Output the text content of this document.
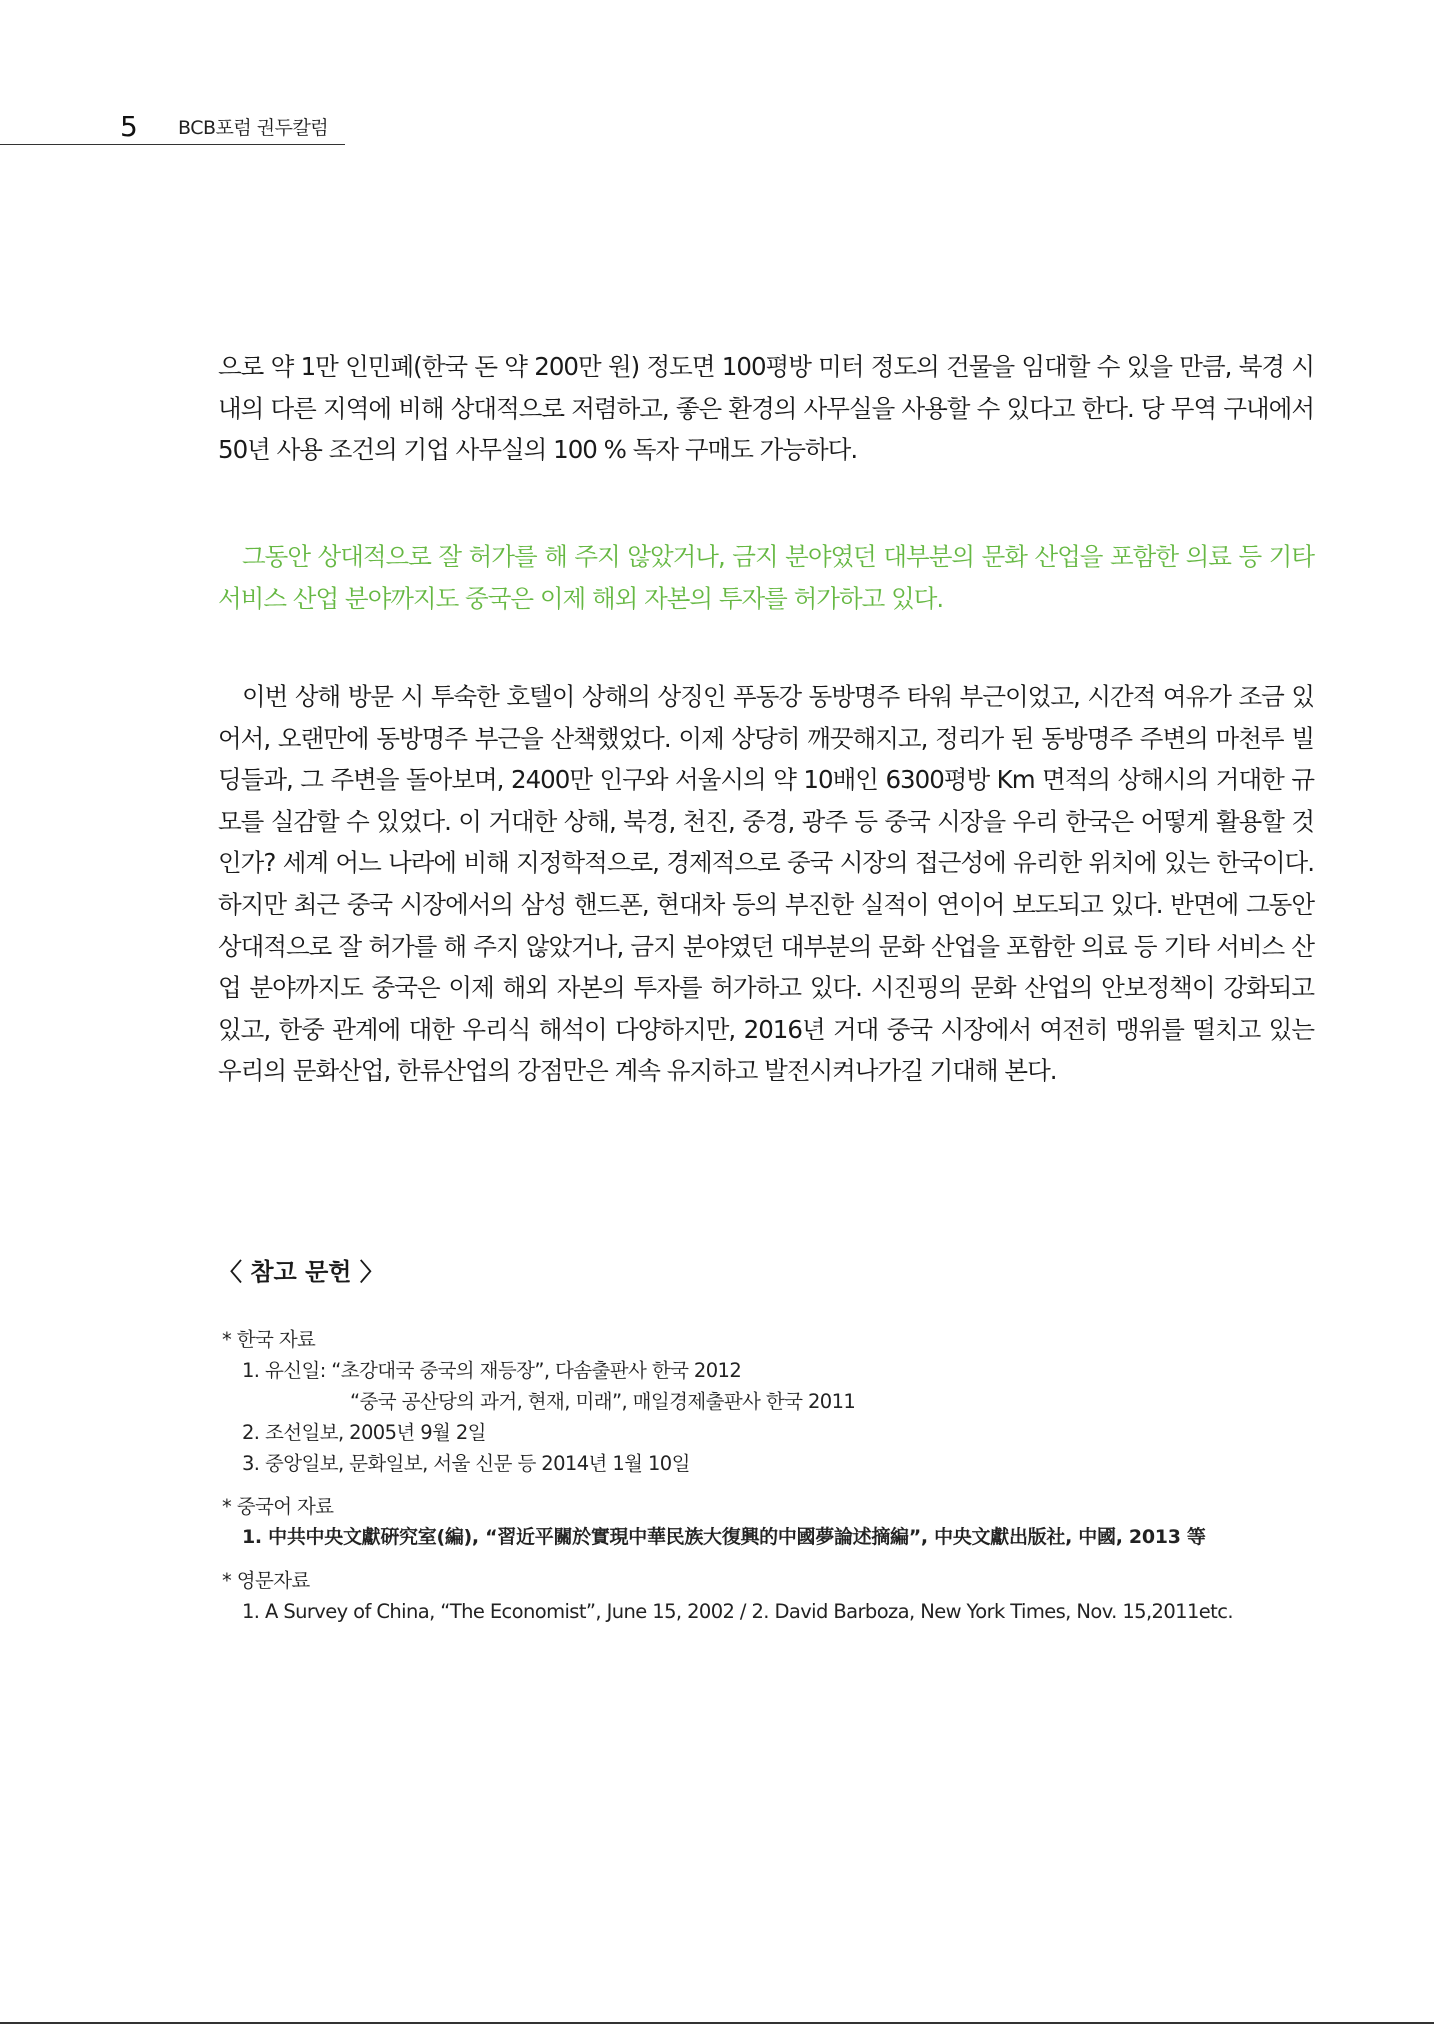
5 BCB포럼 권두칼럼

으로 약 1만 인민폐(한국 돈 약 200만 원) 정도면 100평방 미터 정도의 건물을 임대할 수 있을 만큼, 북경 시내의 다른 지역에 비해 상대적으로 저렴하고, 좋은 환경의 사무실을 사용할 수 있다고 한다. 당 무역 구내에서 50년 사용 조건의 기업 사무실의 100 % 독자 구매도 가능하다.

그동안 상대적으로 잘 허가를 해 주지 않았거나, 금지 분야였던 대부분의 문화 산업을 포함한 의료 등 기타 서비스 산업 분야까지도 중국은 이제 해외 자본의 투자를 허가하고 있다.

이번 상해 방문 시 투숙한 호텔이 상해의 상징인 푸동강 동방명주 타워 부근이었고, 시간적 여유가 조금 있어서, 오랜만에 동방명주 부근을 산책했었다. 이제 상당히 깨끗해지고, 정리가 된 동방명주 주변의 마천루 빌딩들과, 그 주변을 돌아보며, 2400만 인구와 서울시의 약 10배인 6300평방 Km 면적의 상해시의 거대한 규모를 실감할 수 있었다. 이 거대한 상해, 북경, 천진, 중경, 광주 등 중국 시장을 우리 한국은 어떻게 활용할 것인가? 세계 어느 나라에 비해 지정학적으로, 경제적으로 중국 시장의 접근성에 유리한 위치에 있는 한국이다. 하지만 최근 중국 시장에서의 삼성 핸드폰, 현대차 등의 부진한 실적이 연이어 보도되고 있다. 반면에 그동안 상대적으로 잘 허가를 해 주지 않았거나, 금지 분야였던 대부분의 문화 산업을 포함한 의료 등 기타 서비스 산업 분야까지도 중국은 이제 해외 자본의 투자를 허가하고 있다. 시진핑의 문화 산업의 안보정책이 강화되고 있고, 한중 관계에 대한 우리식 해석이 다양하지만, 2016년 거대 중국 시장에서 여전히 맹위를 떨치고 있는 우리의 문화산업, 한류산업의 강점만은 계속 유지하고 발전시켜나가길 기대해 본다.

〈 참고 문헌 〉
* 한국 자료
1. 유신일: “초강대국 중국의 재등장”, 다솜출판사 한국 2012
“중국 공산당의 과거, 현재, 미래”, 매일경제출판사 한국 2011
2. 조선일보, 2005년 9월 2일
3. 중앙일보, 문화일보, 서울 신문 등 2014년 1월 10일
* 중국어 자료
1. 中共中央文獻硏究室(編), “習近平關於實現中華民族大復興的中國夢論述摘編”, 中央文獻出版社, 中國, 2013 等
* 영문자료
1. A Survey of China, “The Economist”, June 15, 2002 / 2. David Barboza, New York Times, Nov. 15,2011etc.
